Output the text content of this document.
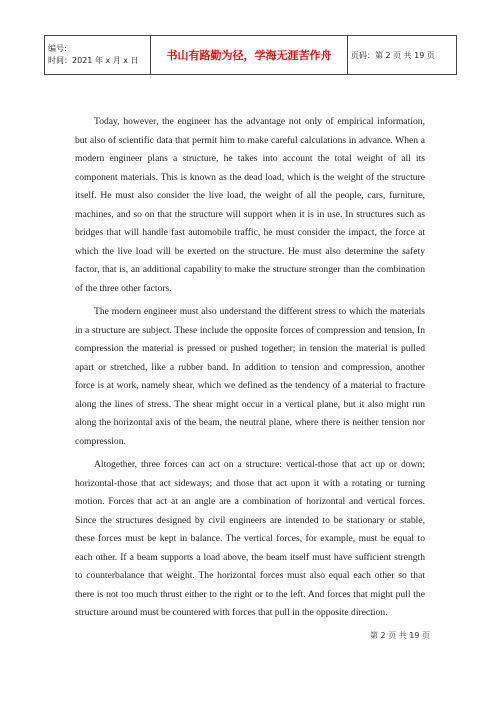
编号:
时间：2021 年 x 月 x 日	书山有路勤为径，学海无涯苦作舟	页码：第 2 页 共 19 页

Today, however, the engineer has the advantage not only of empirical information, but also of scientific data that permit him to make careful calculations in advance. When a modern engineer plans a structure, he takes into account the total weight of all its component materials. This is known as the dead load, which is the weight of the structure itself. He must also consider the live load, the weight of all the people, cars, furniture, machines, and so on that the structure will support when it is in use. In structures such as bridges that will handle fast automobile traffic, he must consider the impact, the force at which the live load will be exerted on the structure. He must also determine the safety factor, that is, an additional capability to make the structure stronger than the combination of the three other factors.

The modern engineer must also understand the different stress to which the materials in a structure are subject. These include the opposite forces of compression and tension, In compression the material is pressed or pushed together; in tension the material is pulled apart or stretched, like a rubber band. In addition to tension and compression, another force is at work, namely shear, which we defined as the tendency of a material to fracture along the lines of stress. The shear might occur in a vertical plane, but it also might run along the horizontal axis of the beam, the neutral plane, where there is neither tension nor compression.

Altogether, three forces can act on a structure: vertical-those that act up or down; horizontal-those that act sideways; and those that act upon it with a rotating or turning motion. Forces that act at an angle are a combination of horizontal and vertical forces. Since the structures designed by civil engineers are intended to be stationary or stable, these forces must be kept in balance. The vertical forces, for example, must be equal to each other. If a beam supports a load above, the beam itself must have sufficient strength to counterbalance that weight. The horizontal forces must also equal each other so that there is not too much thrust either to the right or to the left. And forces that might pull the structure around must be countered with forces that pull in the opposite direction.

第 2 页 共 19 页
